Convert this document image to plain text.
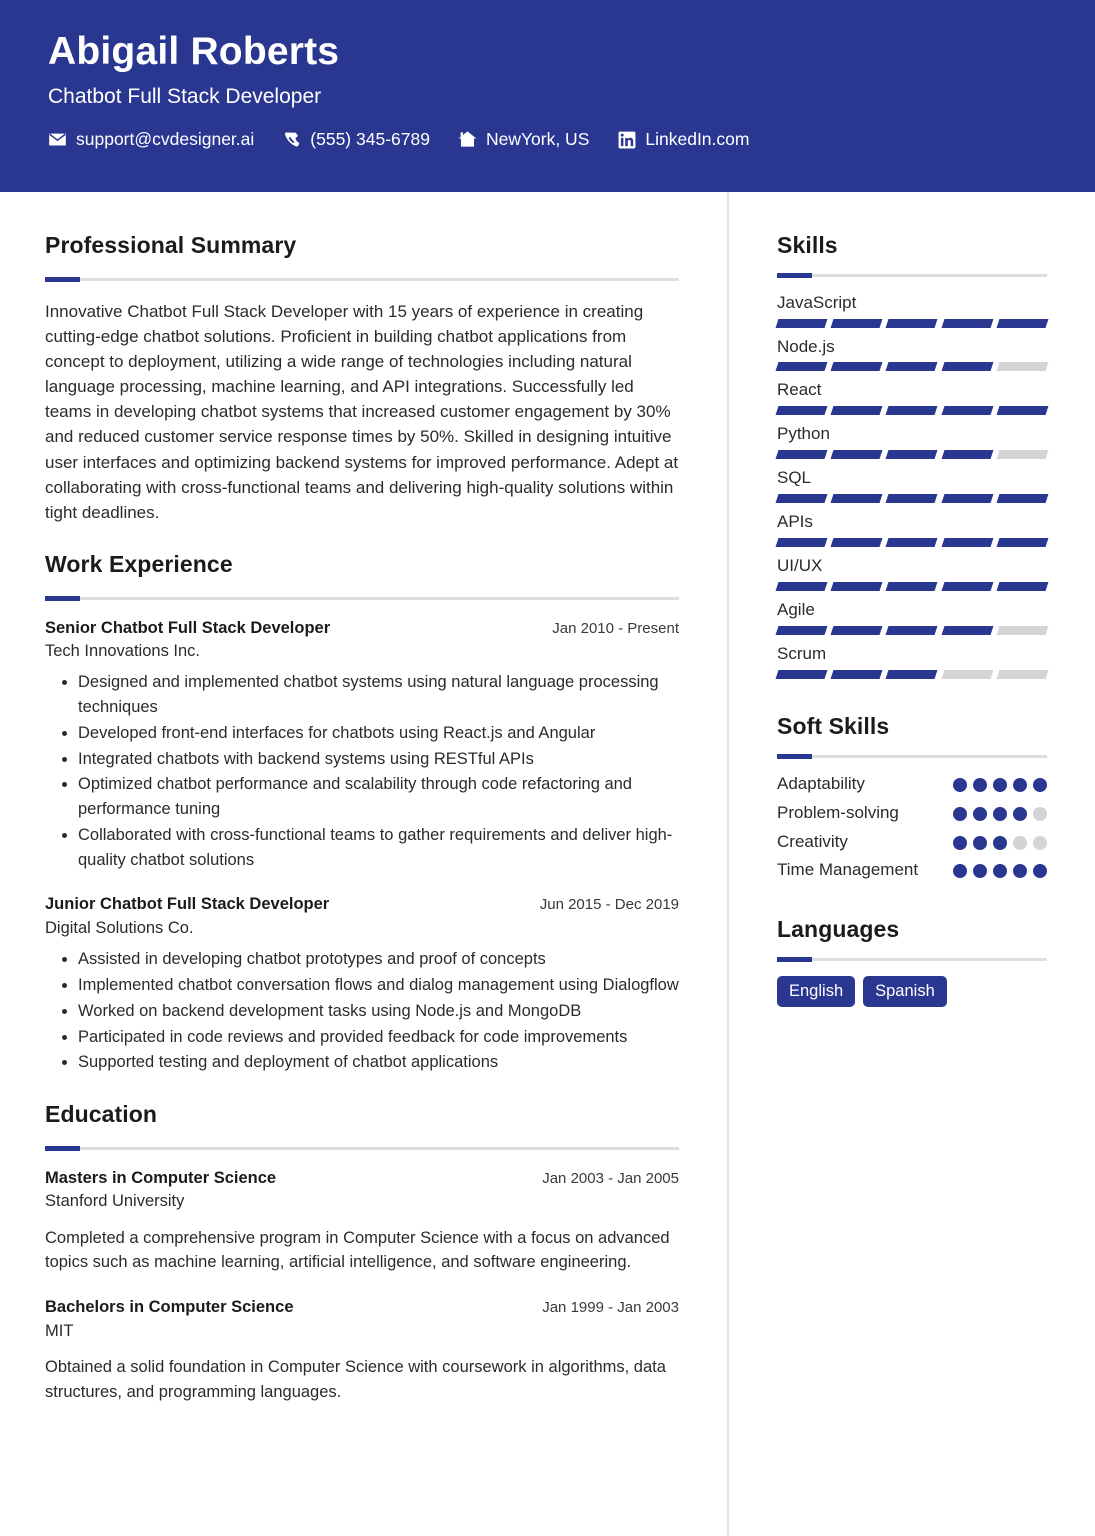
Abigail Roberts
Chatbot Full Stack Developer
support@cvdesigner.ai	(555) 345-6789	NewYork, US	LinkedIn.com
Professional Summary
Innovative Chatbot Full Stack Developer with 15 years of experience in creating cutting-edge chatbot solutions. Proficient in building chatbot applications from concept to deployment, utilizing a wide range of technologies including natural language processing, machine learning, and API integrations. Successfully led teams in developing chatbot systems that increased customer engagement by 30% and reduced customer service response times by 50%. Skilled in designing intuitive user interfaces and optimizing backend systems for improved performance. Adept at collaborating with cross-functional teams and delivering high-quality solutions within tight deadlines.
Work Experience
Senior Chatbot Full Stack Developer	Jan 2010 - Present
Tech Innovations Inc.
• Designed and implemented chatbot systems using natural language processing techniques
• Developed front-end interfaces for chatbots using React.js and Angular
• Integrated chatbots with backend systems using RESTful APIs
• Optimized chatbot performance and scalability through code refactoring and performance tuning
• Collaborated with cross-functional teams to gather requirements and deliver high-quality chatbot solutions
Junior Chatbot Full Stack Developer	Jun 2015 - Dec 2019
Digital Solutions Co.
• Assisted in developing chatbot prototypes and proof of concepts
• Implemented chatbot conversation flows and dialog management using Dialogflow
• Worked on backend development tasks using Node.js and MongoDB
• Participated in code reviews and provided feedback for code improvements
• Supported testing and deployment of chatbot applications
Education
Masters in Computer Science	Jan 2003 - Jan 2005
Stanford University
Completed a comprehensive program in Computer Science with a focus on advanced topics such as machine learning, artificial intelligence, and software engineering.
Bachelors in Computer Science	Jan 1999 - Jan 2003
MIT
Obtained a solid foundation in Computer Science with coursework in algorithms, data structures, and programming languages.
Skills
JavaScript
Node.js
React
Python
SQL
APIs
UI/UX
Agile
Scrum
Soft Skills
Adaptability
Problem-solving
Creativity
Time Management
Languages
English	Spanish
